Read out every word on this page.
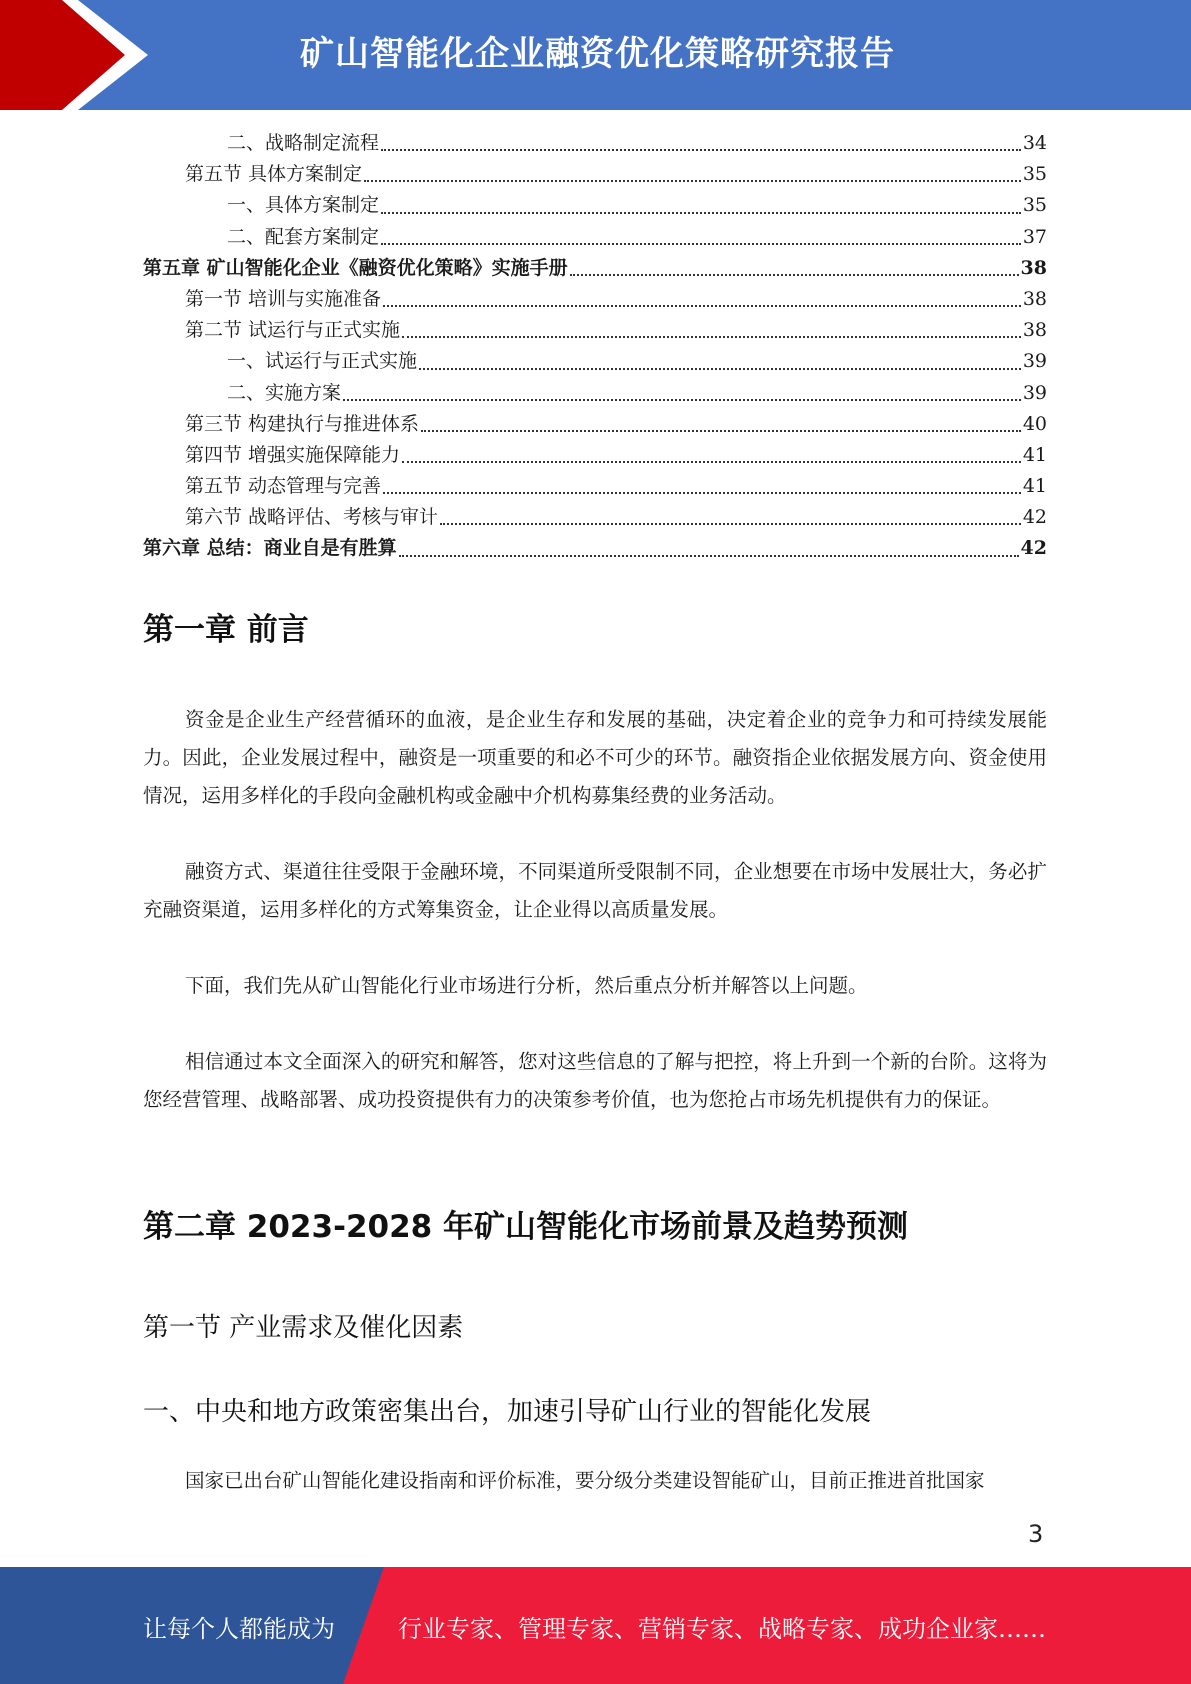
矿山智能化企业融资优化策略研究报告
二、战略制定流程	34
第五节 具体方案制定	35
一、具体方案制定	35
二、配套方案制定	37
第五章 矿山智能化企业《融资优化策略》实施手册	38
第一节 培训与实施准备	38
第二节 试运行与正式实施	38
一、试运行与正式实施	39
二、实施方案	39
第三节 构建执行与推进体系	40
第四节 增强实施保障能力	41
第五节 动态管理与完善	41
第六节 战略评估、考核与审计	42
第六章 总结：商业自是有胜算	42
第一章 前言

资金是企业生产经营循环的血液，是企业生存和发展的基础，决定着企业的竞争力和可持续发展能力。因此，企业发展过程中，融资是一项重要的和必不可少的环节。融资指企业依据发展方向、资金使用情况，运用多样化的手段向金融机构或金融中介机构募集经费的业务活动。

融资方式、渠道往往受限于金融环境，不同渠道所受限制不同，企业想要在市场中发展壮大，务必扩充融资渠道，运用多样化的方式筹集资金，让企业得以高质量发展。

下面，我们先从矿山智能化行业市场进行分析，然后重点分析并解答以上问题。

相信通过本文全面深入的研究和解答，您对这些信息的了解与把控，将上升到一个新的台阶。这将为您经营管理、战略部署、成功投资提供有力的决策参考价值，也为您抢占市场先机提供有力的保证。

第二章 2023-2028 年矿山智能化市场前景及趋势预测
第一节 产业需求及催化因素
一、中央和地方政策密集出台，加速引导矿山行业的智能化发展

国家已出台矿山智能化建设指南和评价标准，要分级分类建设智能矿山，目前正推进首批国家

3
让每个人都能成为	行业专家、管理专家、营销专家、战略专家、成功企业家……
